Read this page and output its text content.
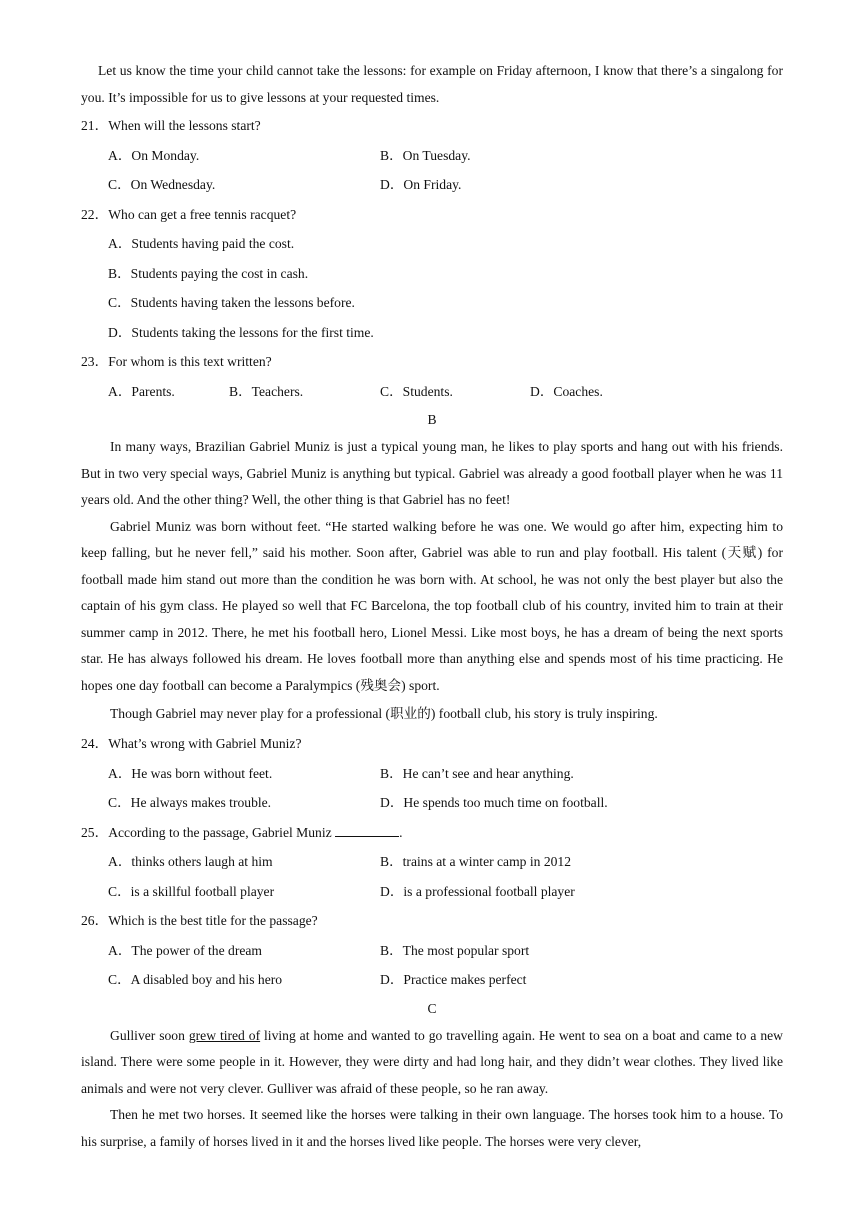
Let us know the time your child cannot take the lessons: for example on Friday afternoon, I know that there’s a singalong for you. It’s impossible for us to give lessons at your requested times.

21．When will the lessons start?
A．On Monday.	B．On Tuesday.
C．On Wednesday.	D．On Friday.
22．Who can get a free tennis racquet?
A．Students having paid the cost.
B．Students paying the cost in cash.
C．Students having taken the lessons before.
D．Students taking the lessons for the first time.
23．For whom is this text written?
A．Parents.	B．Teachers.	C．Students.	D．Coaches.
B

In many ways, Brazilian Gabriel Muniz is just a typical young man, he likes to play sports and hang out with his friends. But in two very special ways, Gabriel Muniz is anything but typical. Gabriel was already a good football player when he was 11 years old. And the other thing? Well, the other thing is that Gabriel has no feet!

Gabriel Muniz was born without feet. “He started walking before he was one. We would go after him, expecting him to keep falling, but he never fell,” said his mother. Soon after, Gabriel was able to run and play football. His talent (天赋) for football made him stand out more than the condition he was born with. At school, he was not only the best player but also the captain of his gym class. He played so well that FC Barcelona, the top football club of his country, invited him to train at their summer camp in 2012. There, he met his football hero, Lionel Messi. Like most boys, he has a dream of being the next sports star. He has always followed his dream. He loves football more than anything else and spends most of his time practicing. He hopes one day football can become a Paralympics (残奥会) sport.

Though Gabriel may never play for a professional (职业的) football club, his story is truly inspiring.

24．What’s wrong with Gabriel Muniz?
A．He was born without feet.	B．He can’t see and hear anything.
C．He always makes trouble.	D．He spends too much time on football.
25．According to the passage, Gabriel Muniz	.
A．thinks others laugh at him	B．trains at a winter camp in 2012
C．is a skillful football player	D．is a professional football player
26．Which is the best title for the passage?
A．The power of the dream	B．The most popular sport
C．A disabled boy and his hero	D．Practice makes perfect
C

Gulliver soon grew tired of living at home and wanted to go travelling again. He went to sea on a boat and came to a new island. There were some people in it. However, they were dirty and had long hair, and they didn’t wear clothes. They lived like animals and were not very clever. Gulliver was afraid of these people, so he ran away.

Then he met two horses. It seemed like the horses were talking in their own language. The horses took him to a house. To his surprise, a family of horses lived in it and the horses lived like people. The horses were very clever,
